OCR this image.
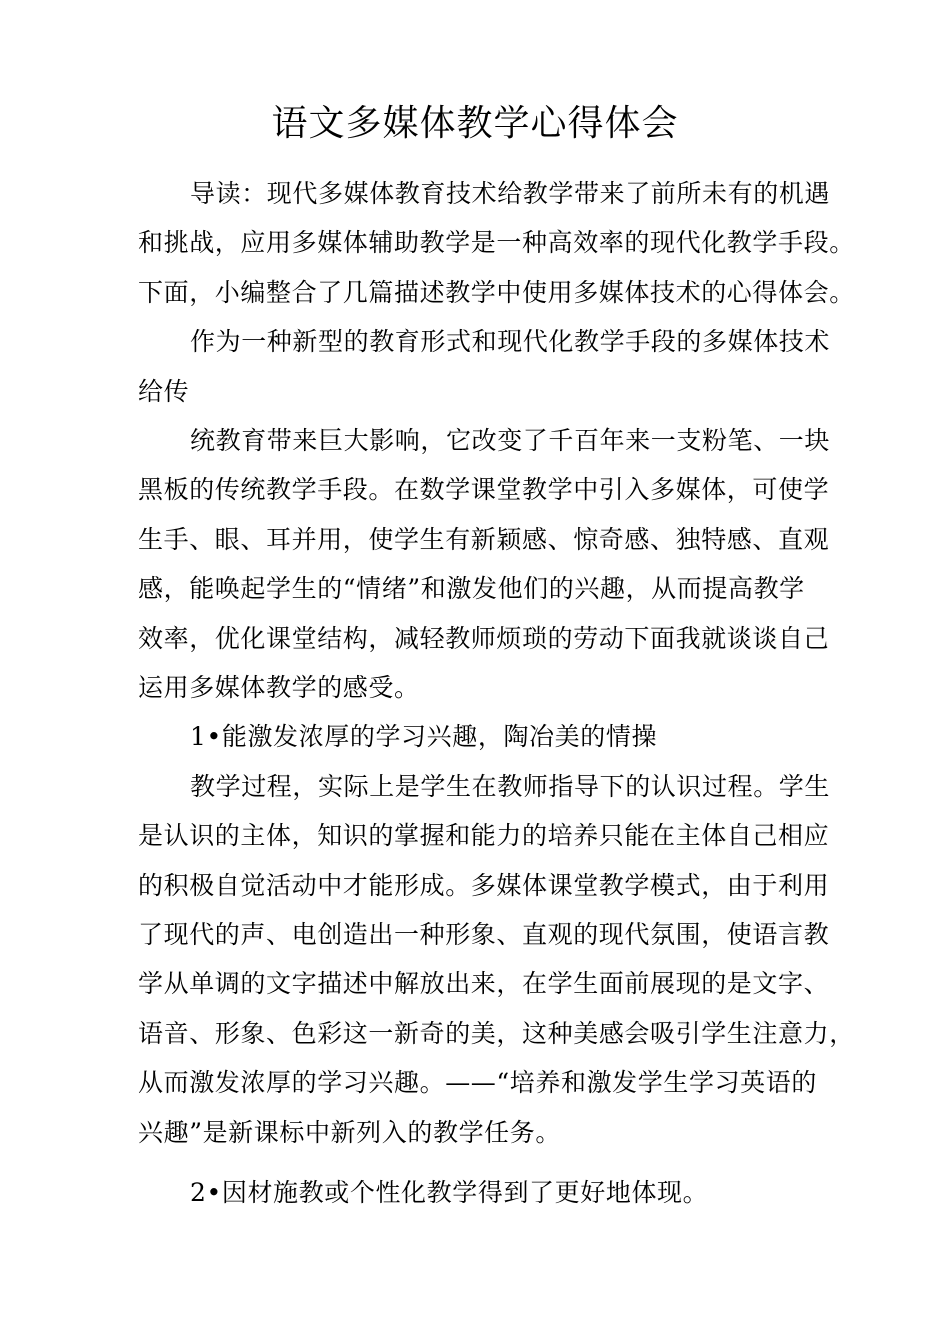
语文多媒体教学心得体会

导读：现代多媒体教育技术给教学带来了前所未有的机遇

和挑战，应用多媒体辅助教学是一种高效率的现代化教学手段。

下面，小编整合了几篇描述教学中使用多媒体技术的心得体会。

作为一种新型的教育形式和现代化教学手段的多媒体技术

给传

统教育带来巨大影响，它改变了千百年来一支粉笔、一块

黑板的传统教学手段。在数学课堂教学中引入多媒体，可使学

生手、眼、耳并用，使学生有新颖感、惊奇感、独特感、直观

感，能唤起学生的“情绪”和激发他们的兴趣，从而提高教学

效率，优化课堂结构，减轻教师烦琐的劳动下面我就谈谈自己

运用多媒体教学的感受。

1•能激发浓厚的学习兴趣，陶冶美的情操

教学过程，实际上是学生在教师指导下的认识过程。学生

是认识的主体，知识的掌握和能力的培养只能在主体自己相应

的积极自觉活动中才能形成。多媒体课堂教学模式，由于利用

了现代的声、电创造出一种形象、直观的现代氛围，使语言教

学从单调的文字描述中解放出来，在学生面前展现的是文字、

语音、形象、色彩这一新奇的美，这种美感会吸引学生注意力，

从而激发浓厚的学习兴趣。——“培养和激发学生学习英语的

兴趣”是新课标中新列入的教学任务。

2•因材施教或个性化教学得到了更好地体现。
